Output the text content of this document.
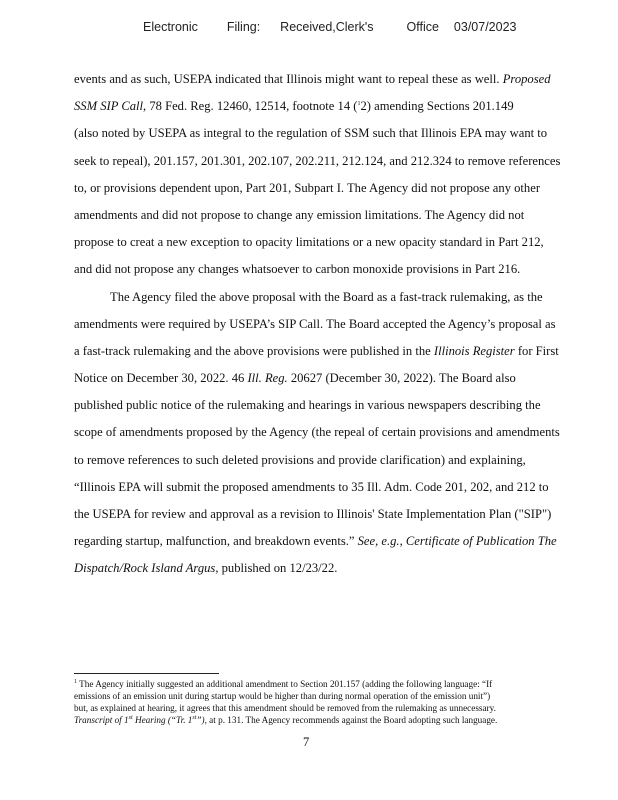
Electronic Filing: Received,Clerk's	Office 03/07/2023
events and as such, USEPA indicated that Illinois might want to repeal these as well. Proposed
SSM SIP Call, 78 Fed. Reg. 12460, 12514, footnote 14 ($^1$2) amending Sections 201.149
(also noted by USEPA as integral to the regulation of SSM such that Illinois EPA may want to
seek to repeal), 201.157, 201.301, 202.107, 202.211, 212.124, and 212.324 to remove references
to, or provisions dependent upon, Part 201, Subpart I. The Agency did not propose any other
amendments and did not propose to change any emission limitations. The Agency did not
propose to creat a new exception to opacity limitations or a new opacity standard in Part 212,
and did not propose any changes whatsoever to carbon monoxide provisions in Part 216.
The Agency filed the above proposal with the Board as a fast-track rulemaking, as the
amendments were required by USEPA’s SIP Call. The Board accepted the Agency’s proposal as
a fast-track rulemaking and the above provisions were published in the Illinois Register for First
Notice on December 30, 2022. 46 Ill. Reg. 20627 (December 30, 2022). The Board also
published public notice of the rulemaking and hearings in various newspapers describing the
scope of amendments proposed by the Agency (the repeal of certain provisions and amendments
to remove references to such deleted provisions and provide clarification) and explaining,
“Illinois EPA will submit the proposed amendments to 35 Ill. Adm. Code 201, 202, and 212 to
the USEPA for review and approval as a revision to Illinois' State Implementation Plan ("SIP")
regarding startup, malfunction, and breakdown events.” See, e.g., Certificate of Publication The
Dispatch/Rock Island Argus, published on 12/23/22.
$^1$ The Agency initially suggested an additional amendment to Section 201.157 (adding the following language: “If
emissions of an emission unit during startup would be higher than during normal operation of the emission unit”)
but, as explained at hearing, it agrees that this amendment should be removed from the rulemaking as unnecessary.
Transcript of 1st Hearing (“Tr. 1st”), at p. 131. The Agency recommends against the Board adopting such language.
7
